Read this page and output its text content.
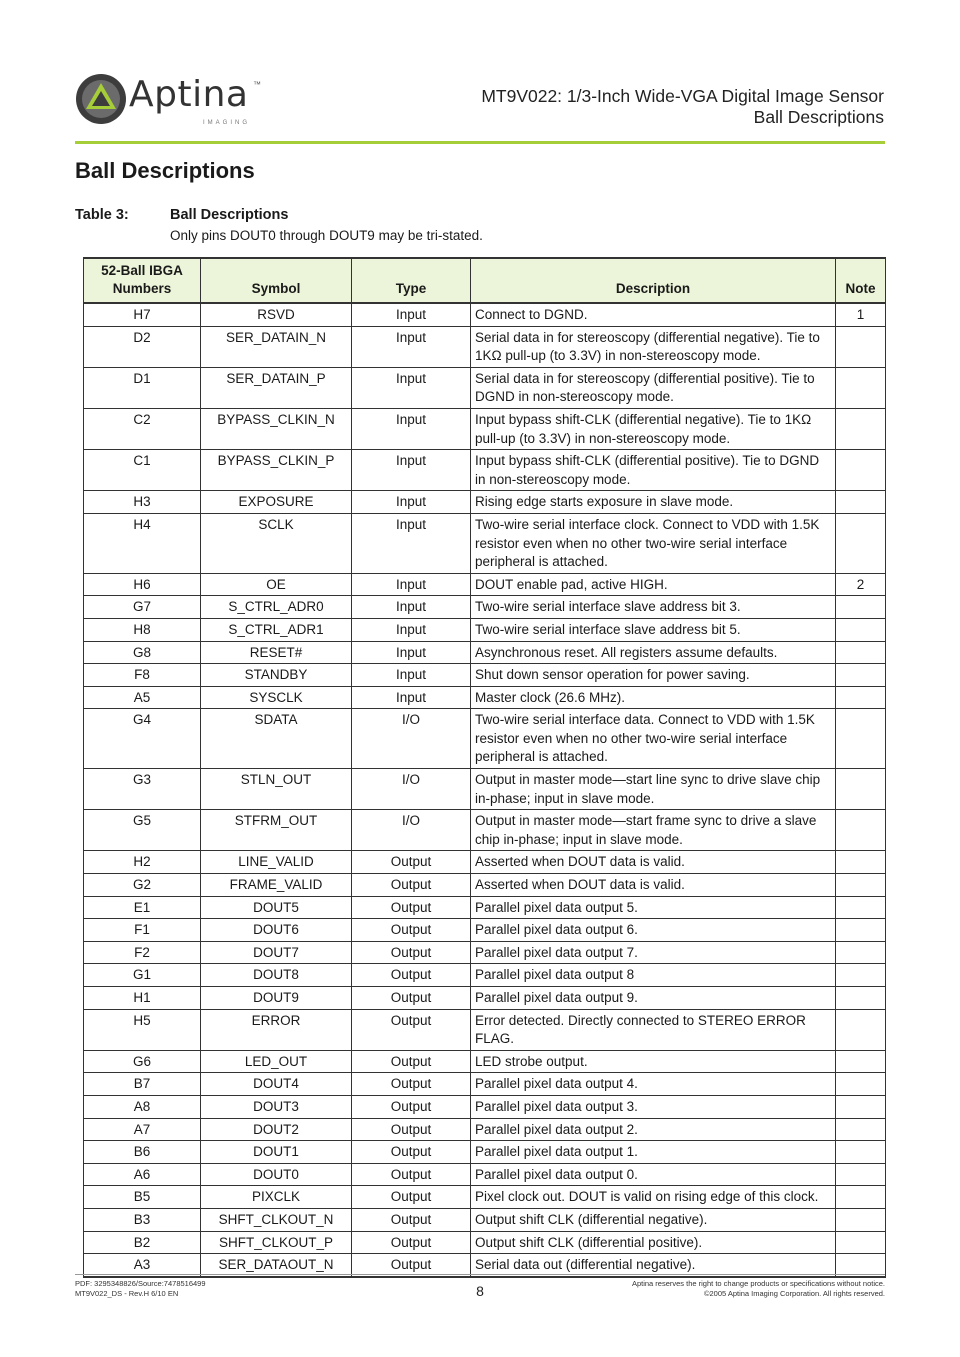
Aptina ™
IMAGING
MT9V022: 1/3-Inch Wide-VGA Digital Image Sensor
Ball Descriptions
Ball Descriptions
Table 3:	Ball Descriptions
Only pins DOUT0 through DOUT9 may be tri-stated.
52-Ball IBGA Numbers	Symbol	Type	Description	Note
H7	RSVD	Input	Connect to DGND.	1
D2	SER_DATAIN_N	Input	Serial data in for stereoscopy (differential negative). Tie to 1KΩ pull-up (to 3.3V) in non-stereoscopy mode.	
D1	SER_DATAIN_P	Input	Serial data in for stereoscopy (differential positive). Tie to DGND in non-stereoscopy mode.	
C2	BYPASS_CLKIN_N	Input	Input bypass shift-CLK (differential negative). Tie to 1KΩ pull-up (to 3.3V) in non-stereoscopy mode.	
C1	BYPASS_CLKIN_P	Input	Input bypass shift-CLK (differential positive). Tie to DGND in non-stereoscopy mode.	
H3	EXPOSURE	Input	Rising edge starts exposure in slave mode.	
H4	SCLK	Input	Two-wire serial interface clock. Connect to VDD with 1.5K resistor even when no other two-wire serial interface peripheral is attached.	
H6	OE	Input	DOUT enable pad, active HIGH.	2
G7	S_CTRL_ADR0	Input	Two-wire serial interface slave address bit 3.	
H8	S_CTRL_ADR1	Input	Two-wire serial interface slave address bit 5.	
G8	RESET#	Input	Asynchronous reset. All registers assume defaults.	
F8	STANDBY	Input	Shut down sensor operation for power saving.	
A5	SYSCLK	Input	Master clock (26.6 MHz).	
G4	SDATA	I/O	Two-wire serial interface data. Connect to VDD with 1.5K resistor even when no other two-wire serial interface peripheral is attached.	
G3	STLN_OUT	I/O	Output in master mode—start line sync to drive slave chip in-phase; input in slave mode.	
G5	STFRM_OUT	I/O	Output in master mode—start frame sync to drive a slave chip in-phase; input in slave mode.	
H2	LINE_VALID	Output	Asserted when DOUT data is valid.	
G2	FRAME_VALID	Output	Asserted when DOUT data is valid.	
E1	DOUT5	Output	Parallel pixel data output 5.	
F1	DOUT6	Output	Parallel pixel data output 6.	
F2	DOUT7	Output	Parallel pixel data output 7.	
G1	DOUT8	Output	Parallel pixel data output 8	
H1	DOUT9	Output	Parallel pixel data output 9.	
H5	ERROR	Output	Error detected. Directly connected to STEREO ERROR FLAG.	
G6	LED_OUT	Output	LED strobe output.	
B7	DOUT4	Output	Parallel pixel data output 4.	
A8	DOUT3	Output	Parallel pixel data output 3.	
A7	DOUT2	Output	Parallel pixel data output 2.	
B6	DOUT1	Output	Parallel pixel data output 1.	
A6	DOUT0	Output	Parallel pixel data output 0.	
B5	PIXCLK	Output	Pixel clock out. DOUT is valid on rising edge of this clock.	
B3	SHFT_CLKOUT_N	Output	Output shift CLK (differential negative).	
B2	SHFT_CLKOUT_P	Output	Output shift CLK (differential positive).	
A3	SER_DATAOUT_N	Output	Serial data out (differential negative).	
PDF: 3295348826/Source:7478516499
MT9V022_DS - Rev.H 6/10 EN	8	Aptina reserves the right to change products or specifications without notice.
©2005 Aptina Imaging Corporation. All rights reserved.
